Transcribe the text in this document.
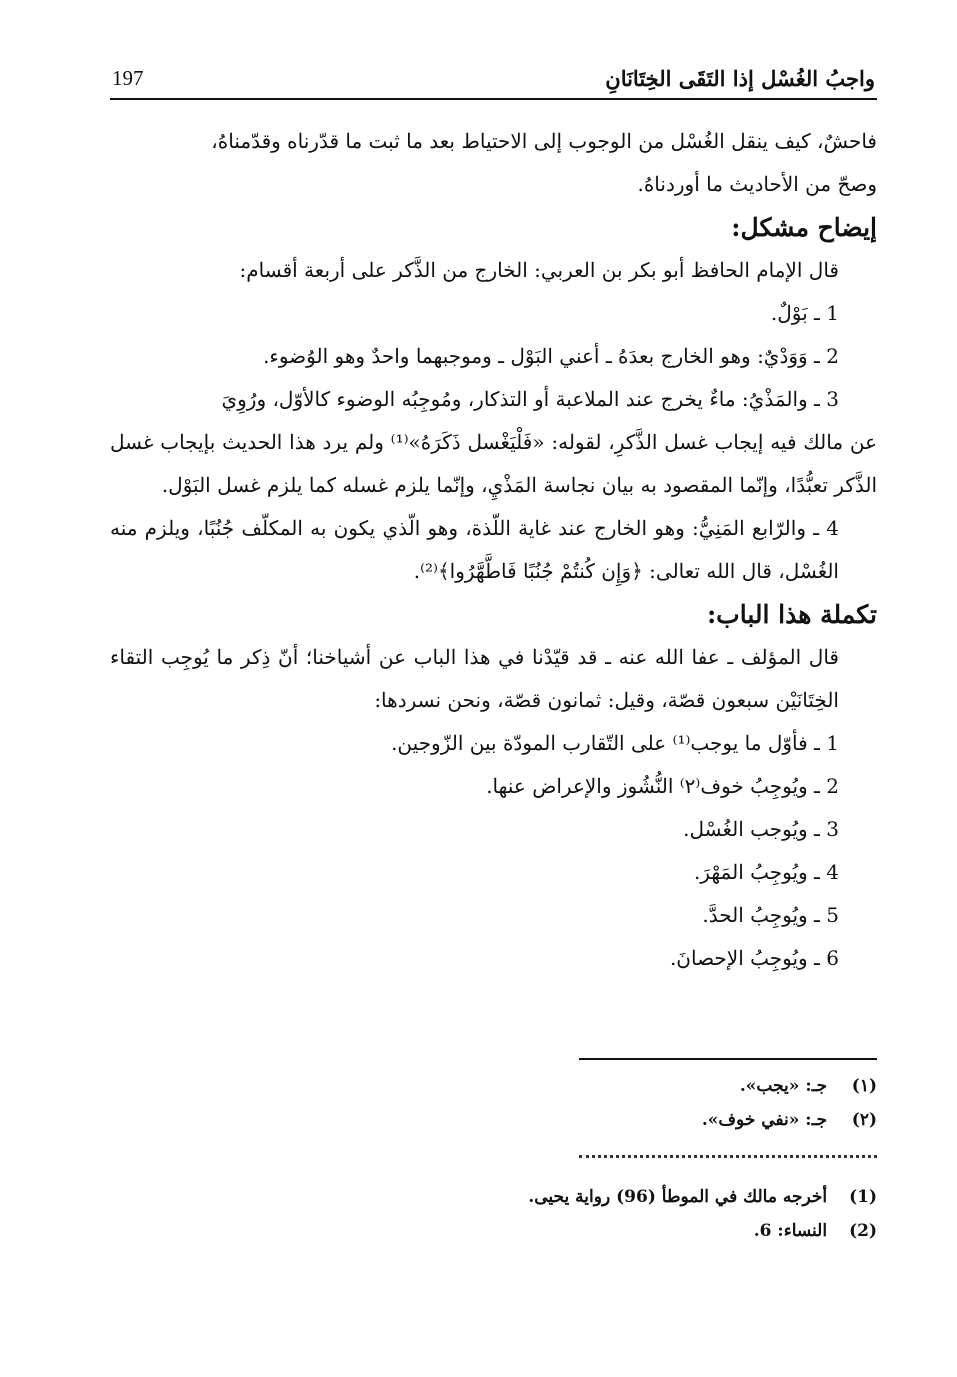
197	واجبُ الغُسْل إذا التَقَى الخِتَانَانِ

فاحشٌ، كيف ينقل الغُسْل من الوجوب إلى الاحتياط بعد ما ثبت ما قدّرناه وقدّمناهُ،

وصحّ من الأحاديث ما أوردناهُ.

إيضاح مشكل:

قال الإمام الحافظ أبو بكر بن العربي: الخارج من الذَّكر على أربعة أقسام:

1 ـ بَوْلٌ.

2 ـ وَوَدْيٌ: وهو الخارج بعدَهُ ـ أعني البَوْل ـ وموجبهما واحدٌ وهو الوُضوء.

3 ـ والمَذْيُ: ماءٌ يخرج عند الملاعبة أو التذكار، ومُوجِبُه الوضوء كالأوّل، ورُوِيَ

عن مالك فيه إيجاب غسل الذَّكرِ، لقوله: «فَلْيَغْسل ذَكَرَهُ»⁽¹⁾ ولم يرد هذا الحديث بإيجاب غسل الذَّكر تعبُّدًا، وإنّما المقصود به بيان نجاسة المَذْيِ، وإنّما يلزم غسله كما يلزم غسل البَوْل.

4 ـ والرّابع المَنِيُّ: وهو الخارج عند غاية اللّذة، وهو الّذي يكون به المكلّف جُنُبًا، ويلزم منه الغُسْل، قال الله تعالى: ﴿وَإِن كُنتُمْ جُنُبًا فَاطَّهَّرُوا﴾⁽²⁾.

تكملة هذا الباب:

قال المؤلف ـ عفا الله عنه ـ قد قيّدْنا في هذا الباب عن أشياخنا؛ أنّ ذِكر ما يُوجِب التقاء الخِتَانَيْن سبعون قصّة، وقيل: ثمانون قصّة، ونحن نسردها:

1 ـ فأوّل ما يوجب⁽¹⁾ على التّقارب المودّة بين الزّوجين.

2 ـ ويُوجِبُ خوف⁽٢⁾ النُّشُوز والإعراض عنها.

3 ـ ويُوجب الغُسْل.

4 ـ ويُوجِبُ المَهْرَ.

5 ـ ويُوجِبُ الحدَّ.

6 ـ ويُوجِبُ الإحصانَ.

(١) جـ: «يجب».
(٢) جـ: «نفي خوف».
(1) أخرجه مالك في الموطأ (96) رواية يحيى.
(2) النساء: 6.
